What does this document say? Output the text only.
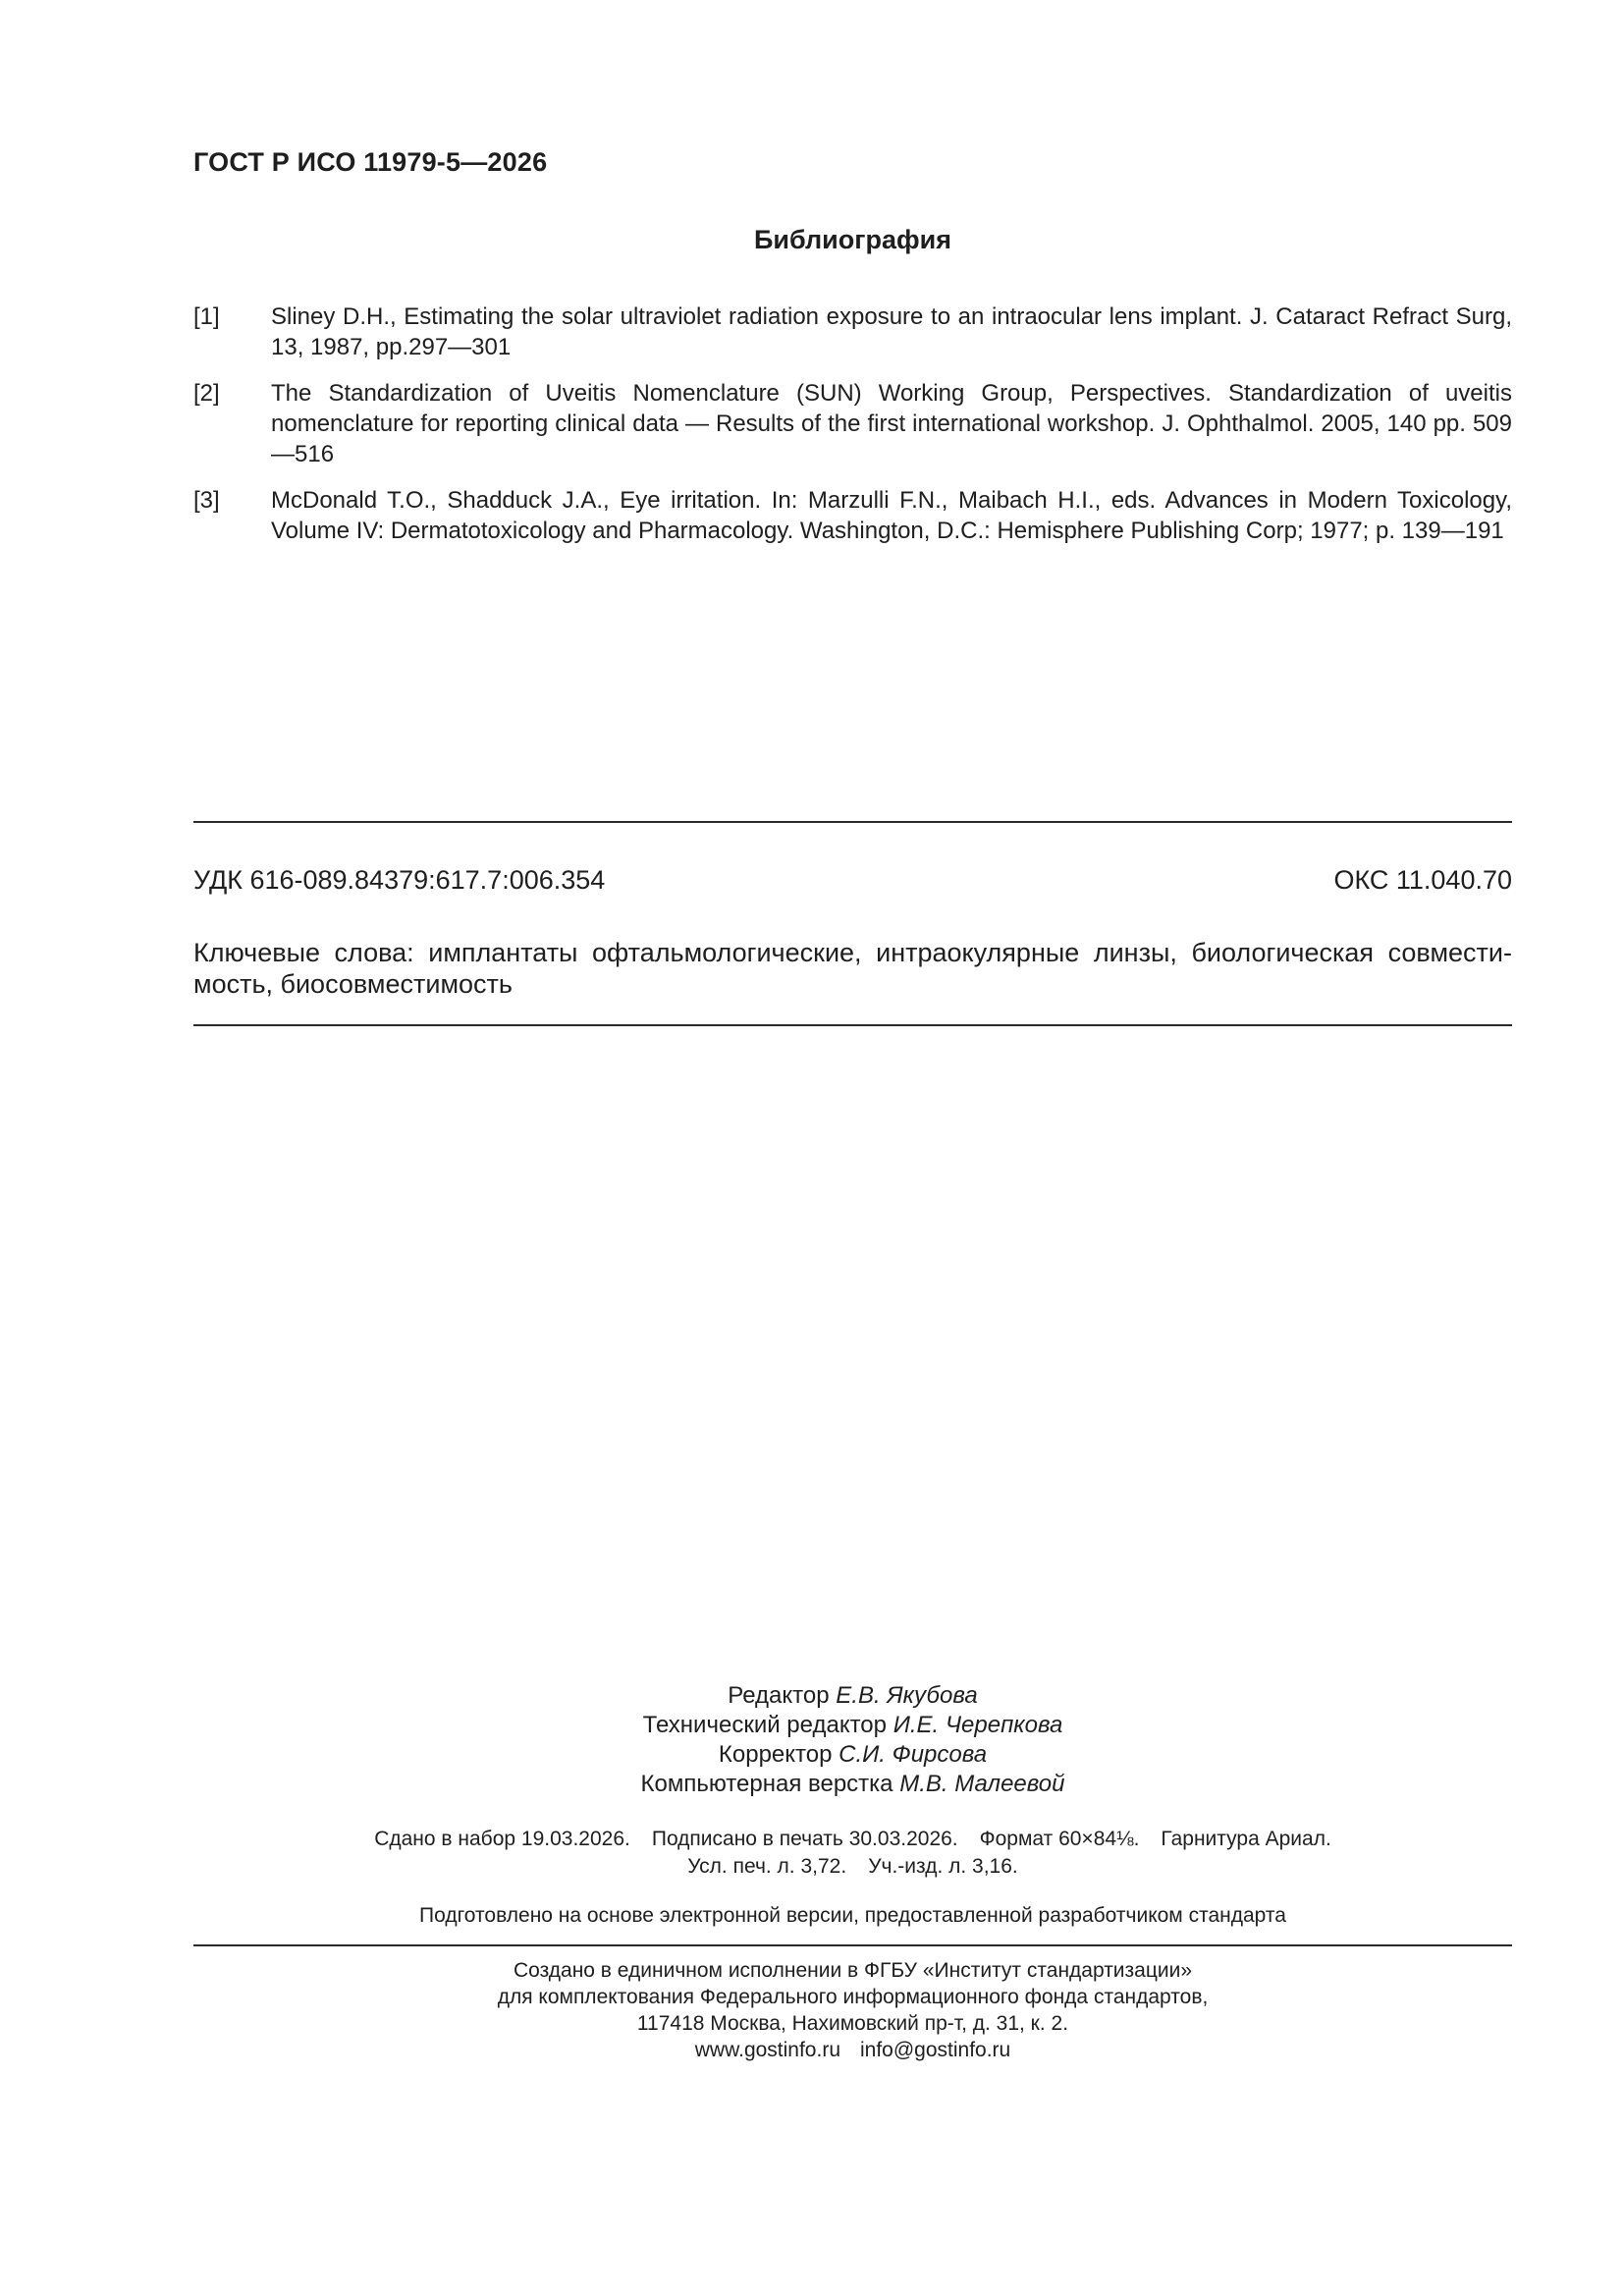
ГОСТ Р ИСО 11979-5—2026
Библиография
[1]	Sliney D.H., Estimating the solar ultraviolet radiation exposure to an intraocular lens implant. J. Cataract Refract Surg, 13, 1987, pp.297—301
[2]	The Standardization of Uveitis Nomenclature (SUN) Working Group, Perspectives. Standardization of uveitis nomenclature for reporting clinical data — Results of the first international workshop. J. Ophthalmol. 2005, 140 pp. 509—516
[3]	McDonald T.O., Shadduck J.A., Eye irritation. In: Marzulli F.N., Maibach H.I., eds. Advances in Modern Toxicology, Volume IV: Dermatotoxicology and Pharmacology. Washington, D.C.: Hemisphere Publishing Corp; 1977; p. 139—191
УДК 616-089.84379:617.7:006.354	ОКС 11.040.70
Ключевые слова: имплантаты офтальмологические, интраокулярные линзы, биологическая совместимость, биосовместимость
Редактор Е.В. Якубова
Технический редактор И.Е. Черепкова
Корректор С.И. Фирсова
Компьютерная верстка М.В. Малеевой
Сдано в набор 19.03.2026. Подписано в печать 30.03.2026. Формат 60×84⅛. Гарнитура Ариал.
Усл. печ. л. 3,72. Уч.-изд. л. 3,16.
Подготовлено на основе электронной версии, предоставленной разработчиком стандарта
Создано в единичном исполнении в ФГБУ «Институт стандартизации»
для комплектования Федерального информационного фонда стандартов,
117418 Москва, Нахимовский пр-т, д. 31, к. 2.
www.gostinfo.ru info@gostinfo.ru
